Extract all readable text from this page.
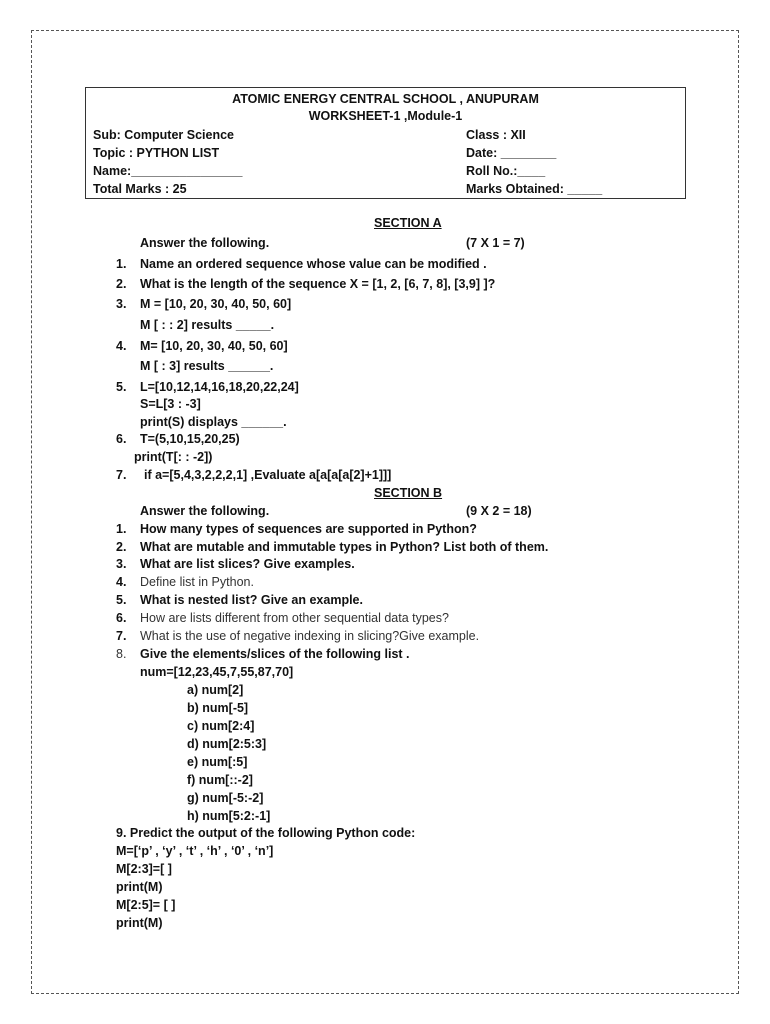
ATOMIC ENERGY CENTRAL SCHOOL , ANUPURAM
WORKSHEET-1 ,Module-1
Sub: Computer Science	Class : XII
Topic : PYTHON LIST	Date: ________
Name:________________	Roll No.:____
Total Marks : 25	Marks Obtained: _____
SECTION A
Answer the following.	(7 X 1 = 7)
1. Name an ordered sequence whose value can be modified .
2. What is the length of the sequence X = [1, 2, [6, 7, 8], [3,9] ]?
3. M = [10, 20, 30, 40, 50, 60]
M [ : : 2] results _____.
4. M= [10, 20, 30, 40, 50, 60]
M [ : 3] results ______.
5. L=[10,12,14,16,18,20,22,24]
S=L[3 : -3]
print(S) displays ______.
6. T=(5,10,15,20,25)
print(T[: : -2])
7. if a=[5,4,3,2,2,2,1] ,Evaluate a[a[a[a[2]+1]]]
SECTION B
Answer the following.	(9 X 2 = 18)
1. How many types of sequences are supported in Python?
2. What are mutable and immutable types in Python? List both of them.
3. What are list slices? Give examples.
4. Define list in Python.
5. What is nested list? Give an example.
6. How are lists different from other sequential data types?
7. What is the use of negative indexing in slicing?Give example.
8. Give the elements/slices of the following list .
num=[12,23,45,7,55,87,70]
a) num[2]
b) num[-5]
c) num[2:4]
d) num[2:5:3]
e) num[:5]
f) num[::-2]
g) num[-5:-2]
h) num[5:2:-1]
9. Predict the output of the following Python code:
M=[‘p’ , ‘y’ , ‘t’ , ‘h’ , ‘0’ , ‘n’]
M[2:3]=[ ]
print(M)
M[2:5]= [ ]
print(M)
